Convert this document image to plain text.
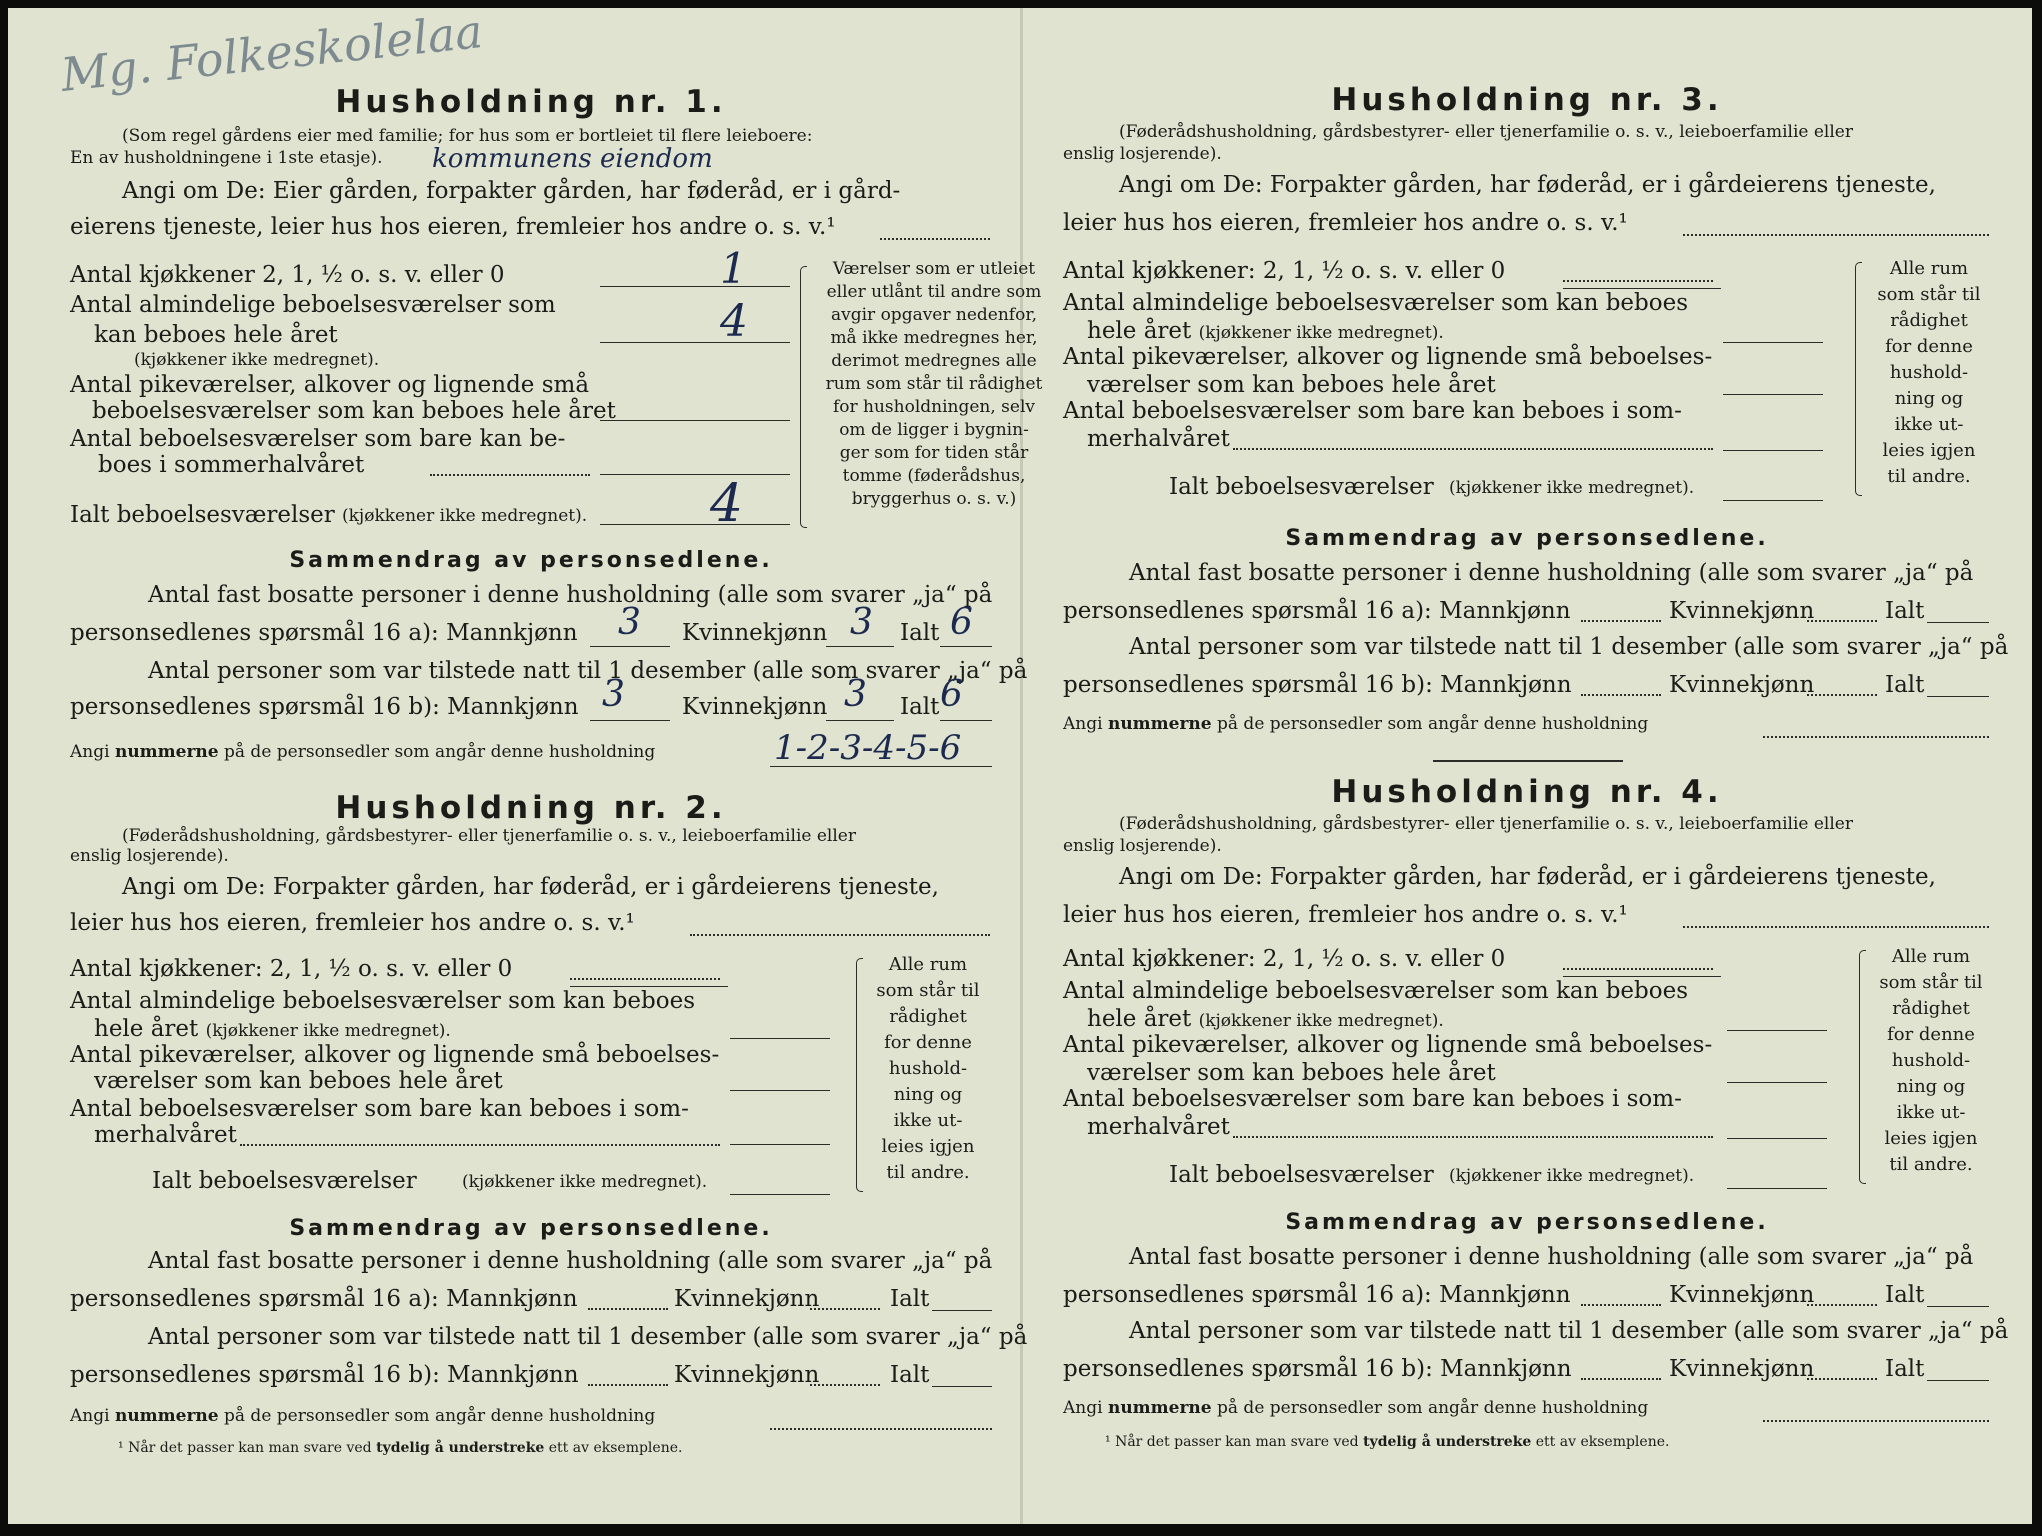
Mg. Folkeskolelaa
Husholdning nr. 1.
(Som regel gårdens eier med familie; for hus som er bortleiet til flere leieboere:
En av husholdningene i 1ste etasje). kommunens eiendom
Angi om De: Eier gården, forpakter gården, har føderåd, er i gård-
eierens tjeneste, leier hus hos eieren, fremleier hos andre o. s. v.¹
Antal kjøkkener 2, 1, ½ o. s. v. eller 0	1
Antal almindelige beboelsesværelser som
kan beboes hele året
(kjøkkener ikke medregnet).
4
Antal pikeværelser, alkover og lignende små
beboelsesværelser som kan beboes hele året
Antal beboelsesværelser som bare kan be-
boes i sommerhalvåret
Ialt beboelsesværelser (kjøkkener ikke medregnet). 4
Værelser som er utleiet
eller utlånt til andre som
avgir opgaver nedenfor,
må ikke medregnes her,
derimot medregnes alle
rum som står til rådighet
for husholdningen, selv
om de ligger i bygnin-
ger som for tiden står
tomme (føderådshus,
bryggerhus o. s. v.)
Sammendrag av personsedlene.
Antal fast bosatte personer i denne husholdning (alle som svarer „ja“ på
personsedlenes spørsmål 16 a): Mannkjønn 3 Kvinnekjønn 3 Ialt 6
Antal personer som var tilstede natt til 1 desember (alle som svarer „ja“ på
personsedlenes spørsmål 16 b): Mannkjønn 3 Kvinnekjønn 3 Ialt 6
Angi nummerne på de personsedler som angår denne husholdning	1-2-3-4-5-6
Husholdning nr. 2.
(Føderådshusholdning, gårdsbestyrer- eller tjenerfamilie o. s. v., leieboerfamilie eller
enslig losjerende).
Angi om De: Forpakter gården, har føderåd, er i gårdeierens tjeneste,
leier hus hos eieren, fremleier hos andre o. s. v.¹
Antal kjøkkener: 2, 1, ½ o. s. v. eller 0
Antal almindelige beboelsesværelser som kan beboes
hele året (kjøkkener ikke medregnet).
Antal pikeværelser, alkover og lignende små beboelses-
værelser som kan beboes hele året
Antal beboelsesværelser som bare kan beboes i som-
merhalvåret
Ialt beboelsesværelser	(kjøkkener ikke medregnet).
Alle rum
som står til
rådighet
for denne
hushold-
ning og
ikke ut-
leies igjen
til andre.
Sammendrag av personsedlene.
Antal fast bosatte personer i denne husholdning (alle som svarer „ja“ på
personsedlenes spørsmål 16 a): Mannkjønn	Kvinnekjønn	Ialt
Antal personer som var tilstede natt til 1 desember (alle som svarer „ja“ på
personsedlenes spørsmål 16 b): Mannkjønn	Kvinnekjønn	Ialt
Angi nummerne på de personsedler som angår denne husholdning
¹ Når det passer kan man svare ved tydelig å understreke ett av eksemplene.
Husholdning nr. 3.
(Føderådshusholdning, gårdsbestyrer- eller tjenerfamilie o. s. v., leieboerfamilie eller
enslig losjerende).
Angi om De: Forpakter gården, har føderåd, er i gårdeierens tjeneste,
leier hus hos eieren, fremleier hos andre o. s. v.¹
Antal kjøkkener: 2, 1, ½ o. s. v. eller 0
Antal almindelige beboelsesværelser som kan beboes
hele året (kjøkkener ikke medregnet).
Antal pikeværelser, alkover og lignende små beboelses-
værelser som kan beboes hele året
Antal beboelsesværelser som bare kan beboes i som-
merhalvåret
Ialt beboelsesværelser (kjøkkener ikke medregnet).
Alle rum
som står til
rådighet
for denne
hushold-
ning og
ikke ut-
leies igjen
til andre.
Sammendrag av personsedlene.
Antal fast bosatte personer i denne husholdning (alle som svarer „ja“ på
personsedlenes spørsmål 16 a): Mannkjønn	Kvinnekjønn	Ialt
Antal personer som var tilstede natt til 1 desember (alle som svarer „ja“ på
personsedlenes spørsmål 16 b): Mannkjønn	Kvinnekjønn	Ialt
Angi nummerne på de personsedler som angår denne husholdning
Husholdning nr. 4.
(Føderådshusholdning, gårdsbestyrer- eller tjenerfamilie o. s. v., leieboerfamilie eller
enslig losjerende).
Angi om De: Forpakter gården, har føderåd, er i gårdeierens tjeneste,
leier hus hos eieren, fremleier hos andre o. s. v.¹
Antal kjøkkener: 2, 1, ½ o. s. v. eller 0
Antal almindelige beboelsesværelser som kan beboes
hele året (kjøkkener ikke medregnet).
Antal pikeværelser, alkover og lignende små beboelses-
værelser som kan beboes hele året
Antal beboelsesværelser som bare kan beboes i som-
merhalvåret
Ialt beboelsesværelser (kjøkkener ikke medregnet).
Alle rum
som står til
rådighet
for denne
hushold-
ning og
ikke ut-
leies igjen
til andre.
Sammendrag av personsedlene.
Antal fast bosatte personer i denne husholdning (alle som svarer „ja“ på
personsedlenes spørsmål 16 a): Mannkjønn	Kvinnekjønn	Ialt
Antal personer som var tilstede natt til 1 desember (alle som svarer „ja“ på
personsedlenes spørsmål 16 b): Mannkjønn	Kvinnekjønn	Ialt
Angi nummerne på de personsedler som angår denne husholdning
¹ Når det passer kan man svare ved tydelig å understreke ett av eksemplene.
